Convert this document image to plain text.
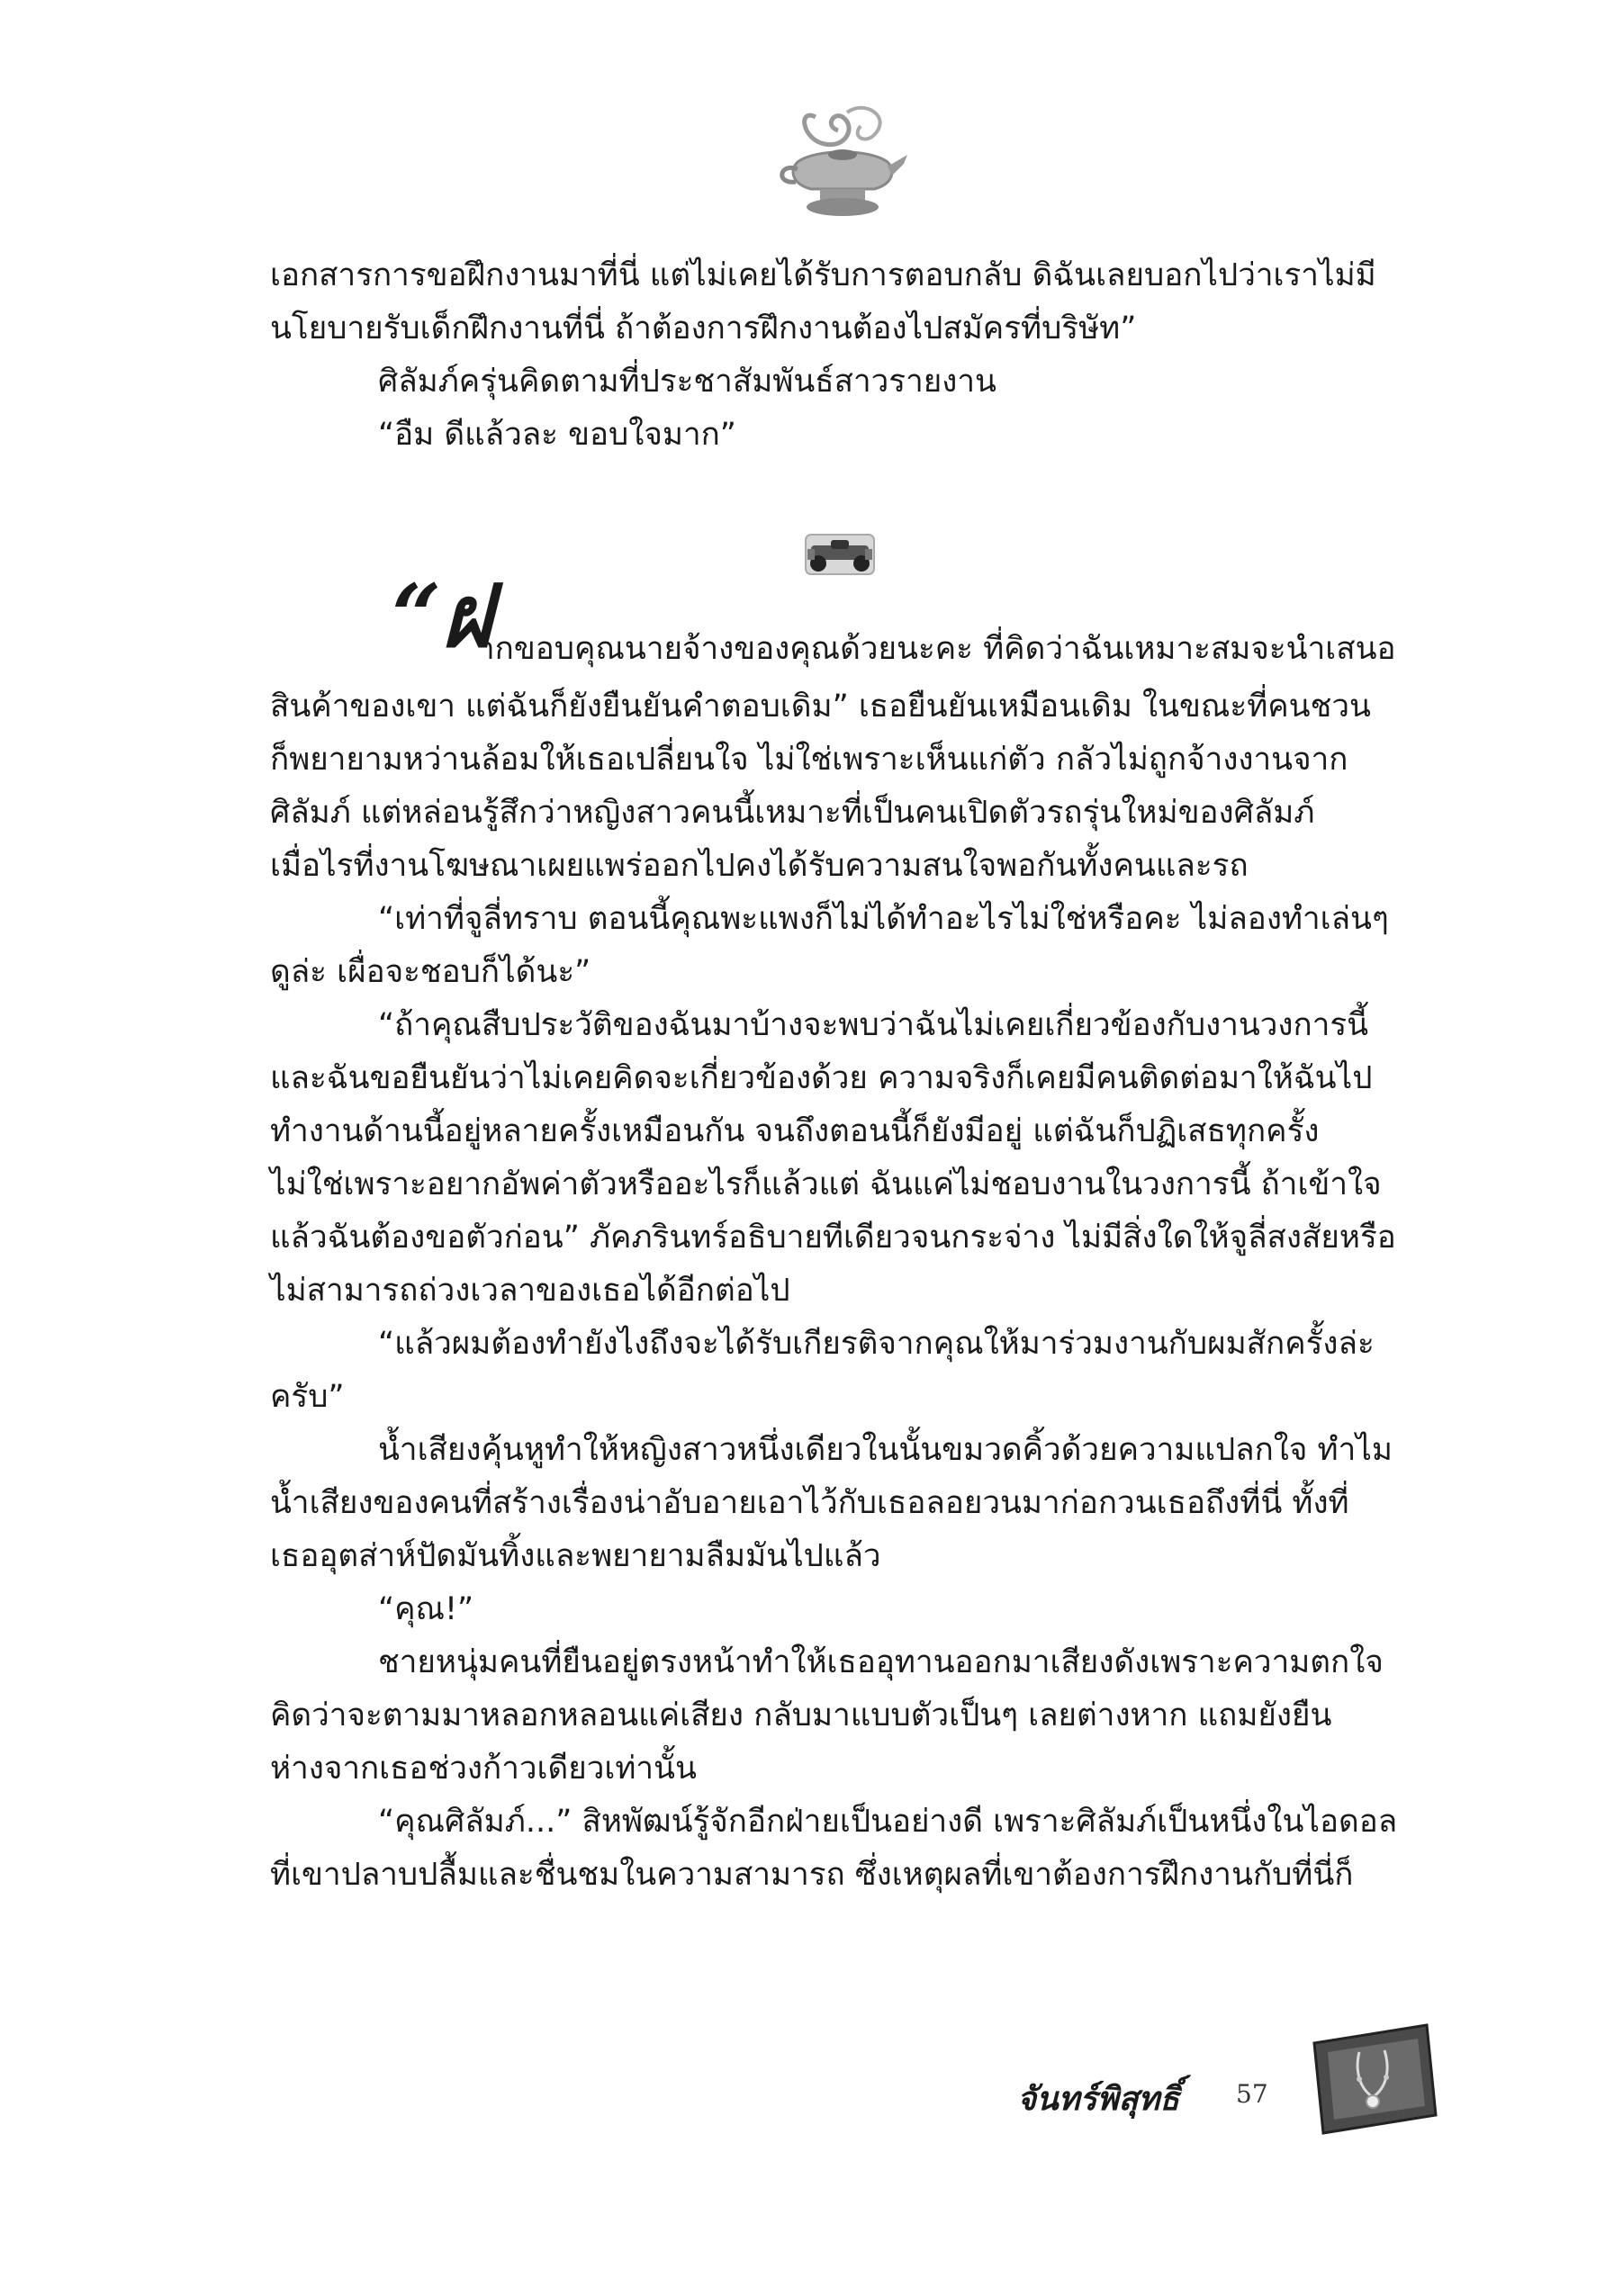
เอกสารการขอฝึกงานมาที่นี่ แต่ไม่เคยได้รับการตอบกลับ ดิฉันเลยบอกไปว่าเราไม่มี
นโยบายรับเด็กฝึกงานที่นี่ ถ้าต้องการฝึกงานต้องไปสมัครที่บริษัท”
ศิลัมภ์ครุ่นคิดตามที่ประชาสัมพันธ์สาวรายงาน
“อืม ดีแล้วละ ขอบใจมาก”
“ฝ
ากขอบคุณนายจ้างของคุณด้วยนะคะ ที่คิดว่าฉันเหมาะสมจะนำเสนอ
สินค้าของเขา แต่ฉันก็ยังยืนยันคำตอบเดิม” เธอยืนยันเหมือนเดิม ในขณะที่คนชวน
ก็พยายามหว่านล้อมให้เธอเปลี่ยนใจ ไม่ใช่เพราะเห็นแก่ตัว กลัวไม่ถูกจ้างงานจาก
ศิลัมภ์ แต่หล่อนรู้สึกว่าหญิงสาวคนนี้เหมาะที่เป็นคนเปิดตัวรถรุ่นใหม่ของศิลัมภ์
เมื่อไรที่งานโฆษณาเผยแพร่ออกไปคงได้รับความสนใจพอกันทั้งคนและรถ
“เท่าที่จูลี่ทราบ ตอนนี้คุณพะแพงก็ไม่ได้ทำอะไรไม่ใช่หรือคะ ไม่ลองทำเล่นๆ
ดูล่ะ เผื่อจะชอบก็ได้นะ”
“ถ้าคุณสืบประวัติของฉันมาบ้างจะพบว่าฉันไม่เคยเกี่ยวข้องกับงานวงการนี้
และฉันขอยืนยันว่าไม่เคยคิดจะเกี่ยวข้องด้วย ความจริงก็เคยมีคนติดต่อมาให้ฉันไป
ทำงานด้านนี้อยู่หลายครั้งเหมือนกัน จนถึงตอนนี้ก็ยังมีอยู่ แต่ฉันก็ปฏิเสธทุกครั้ง
ไม่ใช่เพราะอยากอัพค่าตัวหรืออะไรก็แล้วแต่ ฉันแค่ไม่ชอบงานในวงการนี้ ถ้าเข้าใจ
แล้วฉันต้องขอตัวก่อน” ภัคภรินทร์อธิบายทีเดียวจนกระจ่าง ไม่มีสิ่งใดให้จูลี่สงสัยหรือ
ไม่สามารถถ่วงเวลาของเธอได้อีกต่อไป
“แล้วผมต้องทำยังไงถึงจะได้รับเกียรติจากคุณให้มาร่วมงานกับผมสักครั้งล่ะ
ครับ”
น้ำเสียงคุ้นหูทำให้หญิงสาวหนึ่งเดียวในนั้นขมวดคิ้วด้วยความแปลกใจ ทำไม
น้ำเสียงของคนที่สร้างเรื่องน่าอับอายเอาไว้กับเธอลอยวนมาก่อกวนเธอถึงที่นี่ ทั้งที่
เธออุตส่าห์ปัดมันทิ้งและพยายามลืมมันไปแล้ว
“คุณ!”
ชายหนุ่มคนที่ยืนอยู่ตรงหน้าทำให้เธออุทานออกมาเสียงดังเพราะความตกใจ
คิดว่าจะตามมาหลอกหลอนแค่เสียง กลับมาแบบตัวเป็นๆ เลยต่างหาก แถมยังยืน
ห่างจากเธอช่วงก้าวเดียวเท่านั้น
“คุณศิลัมภ์...” สิหพัฒน์รู้จักอีกฝ่ายเป็นอย่างดี เพราะศิลัมภ์เป็นหนึ่งในไอดอล
ที่เขาปลาบปลื้มและชื่นชมในความสามารถ ซึ่งเหตุผลที่เขาต้องการฝึกงานกับที่นี่ก็
จันทร์พิสุทธิ์ 57
